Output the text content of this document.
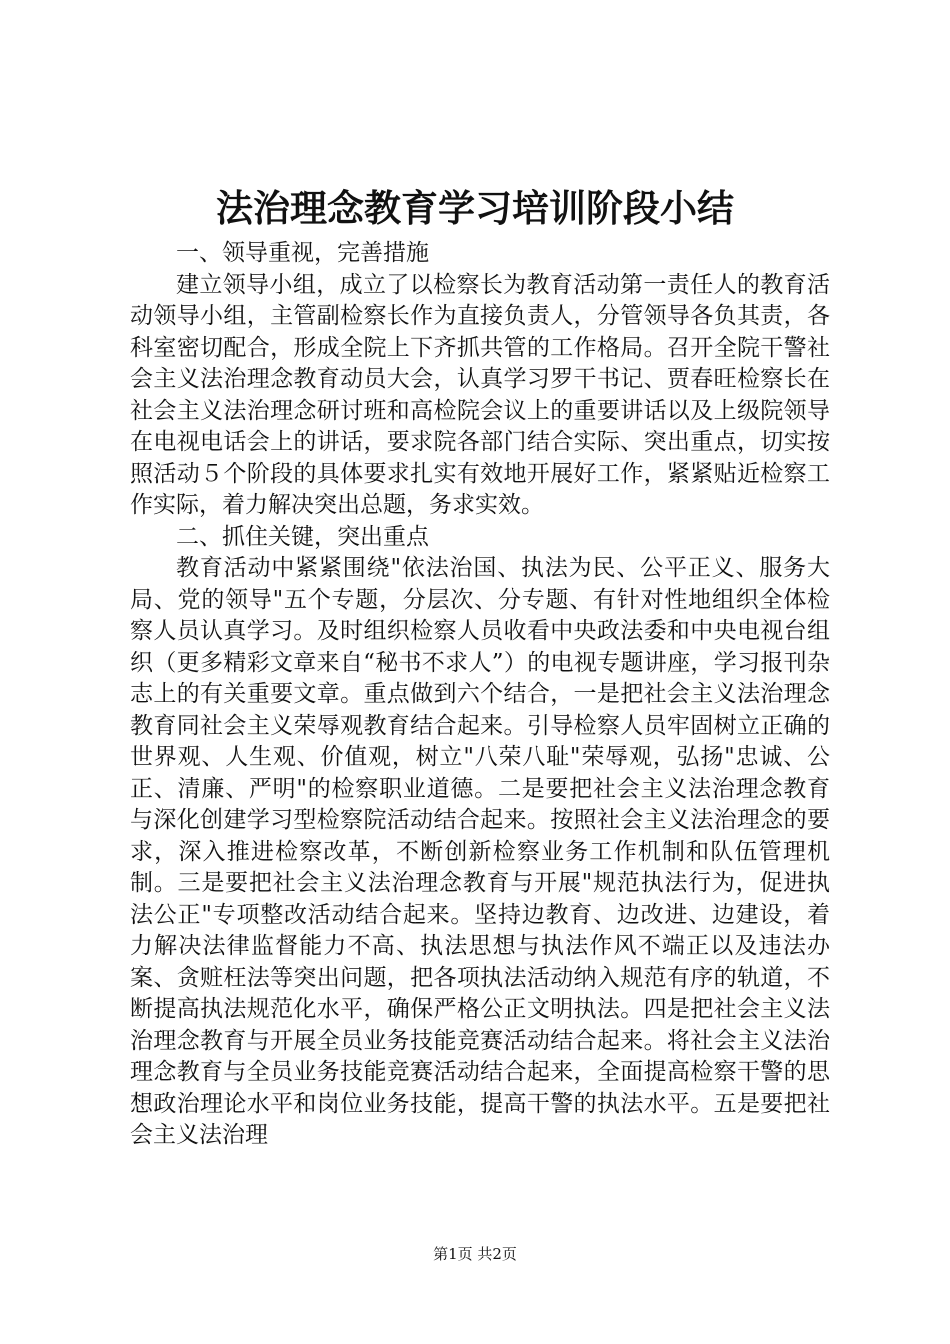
法治理念教育学习培训阶段小结

一、领导重视，完善措施

建立领导小组，成立了以检察长为教育活动第一责任人的教育活动领导小组，主管副检察长作为直接负责人，分管领导各负其责，各科室密切配合，形成全院上下齐抓共管的工作格局。召开全院干警社会主义法治理念教育动员大会，认真学习罗干书记、贾春旺检察长在社会主义法治理念研讨班和高检院会议上的重要讲话以及上级院领导在电视电话会上的讲话，要求院各部门结合实际、突出重点，切实按照活动５个阶段的具体要求扎实有效地开展好工作，紧紧贴近检察工作实际，着力解决突出总题，务求实效。

二、抓住关键，突出重点

教育活动中紧紧围绕"依法治国、执法为民、公平正义、服务大局、党的领导"五个专题，分层次、分专题、有针对性地组织全体检察人员认真学习。及时组织检察人员收看中央政法委和中央电视台组织（更多精彩文章来自“秘书不求人”）的电视专题讲座，学习报刊杂志上的有关重要文章。重点做到六个结合，一是把社会主义法治理念教育同社会主义荣辱观教育结合起来。引导检察人员牢固树立正确的世界观、人生观、价值观，树立"八荣八耻"荣辱观，弘扬"忠诚、公正、清廉、严明"的检察职业道德。二是要把社会主义法治理念教育与深化创建学习型检察院活动结合起来。按照社会主义法治理念的要求，深入推进检察改革，不断创新检察业务工作机制和队伍管理机制。三是要把社会主义法治理念教育与开展"规范执法行为，促进执法公正"专项整改活动结合起来。坚持边教育、边改进、边建设，着力解决法律监督能力不高、执法思想与执法作风不端正以及违法办案、贪赃枉法等突出问题，把各项执法活动纳入规范有序的轨道，不断提高执法规范化水平，确保严格公正文明执法。四是把社会主义法治理念教育与开展全员业务技能竞赛活动结合起来。将社会主义法治理念教育与全员业务技能竞赛活动结合起来，全面提高检察干警的思想政治理论水平和岗位业务技能，提高干警的执法水平。五是要把社会主义法治理

第1页 共2页
